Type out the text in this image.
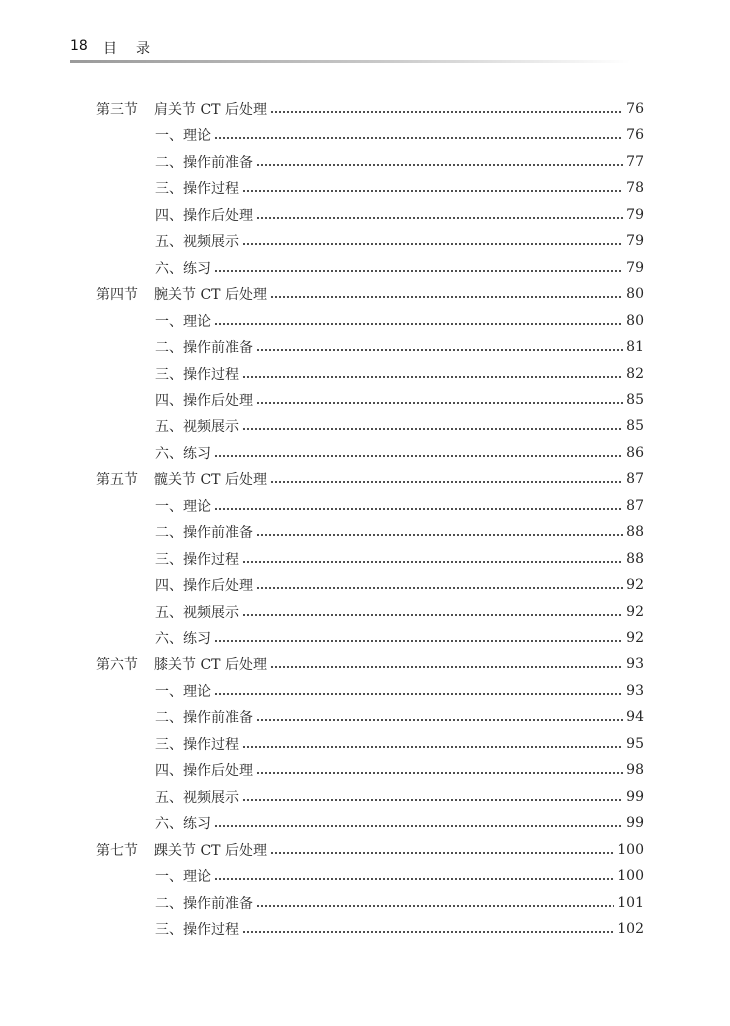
18 目 录
第三节	肩关节 CT 后处理	76
一、理论	76
二、操作前准备	77
三、操作过程	78
四、操作后处理	79
五、视频展示	79
六、练习	79
第四节	腕关节 CT 后处理	80
一、理论	80
二、操作前准备	81
三、操作过程	82
四、操作后处理	85
五、视频展示	85
六、练习	86
第五节	髋关节 CT 后处理	87
一、理论	87
二、操作前准备	88
三、操作过程	88
四、操作后处理	92
五、视频展示	92
六、练习	92
第六节	膝关节 CT 后处理	93
一、理论	93
二、操作前准备	94
三、操作过程	95
四、操作后处理	98
五、视频展示	99
六、练习	99
第七节	踝关节 CT 后处理	100
一、理论	100
二、操作前准备	101
三、操作过程	102
